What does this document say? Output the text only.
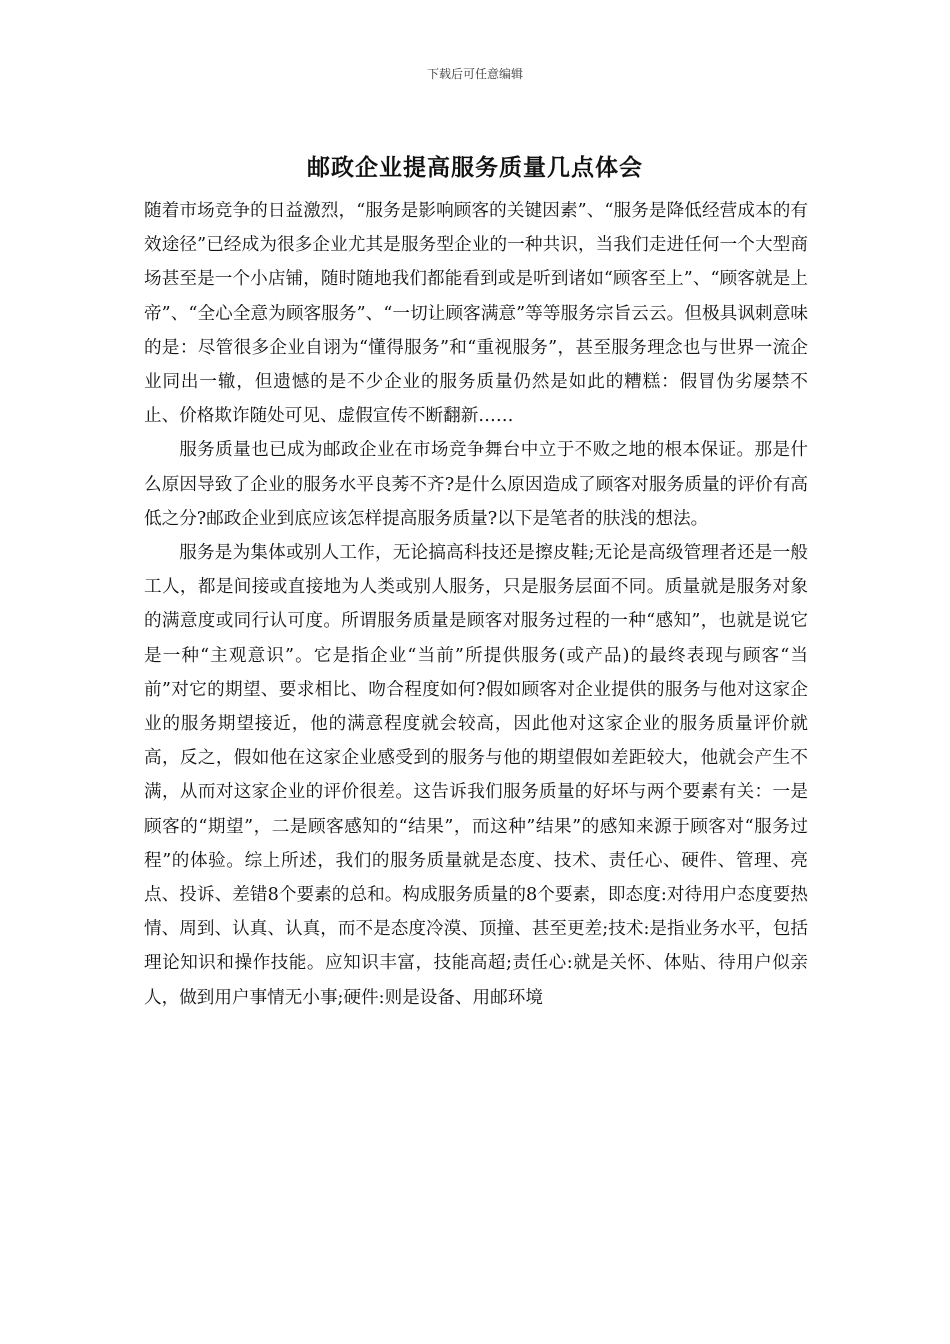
下载后可任意编辑
邮政企业提高服务质量几点体会

随着市场竞争的日益激烈，“服务是影响顾客的关键因素”、“服务是降低经营成本的有效途径”已经成为很多企业尤其是服务型企业的一种共识，当我们走进任何一个大型商场甚至是一个小店铺，随时随地我们都能看到或是听到诸如“顾客至上”、“顾客就是上帝”、“全心全意为顾客服务”、“一切让顾客满意”等等服务宗旨云云。但极具讽刺意味的是：尽管很多企业自诩为“懂得服务”和“重视服务”，甚至服务理念也与世界一流企业同出一辙，但遗憾的是不少企业的服务质量仍然是如此的糟糕：假冒伪劣屡禁不止、价格欺诈随处可见、虚假宣传不断翻新……

服务质量也已成为邮政企业在市场竞争舞台中立于不败之地的根本保证。那是什么原因导致了企业的服务水平良莠不齐?是什么原因造成了顾客对服务质量的评价有高低之分?邮政企业到底应该怎样提高服务质量?以下是笔者的肤浅的想法。

服务是为集体或别人工作，无论搞高科技还是擦皮鞋;无论是高级管理者还是一般工人，都是间接或直接地为人类或别人服务，只是服务层面不同。质量就是服务对象的满意度或同行认可度。所谓服务质量是顾客对服务过程的一种“感知”，也就是说它是一种“主观意识”。它是指企业“当前”所提供服务(或产品)的最终表现与顾客“当前”对它的期望、要求相比、吻合程度如何?假如顾客对企业提供的服务与他对这家企业的服务期望接近，他的满意程度就会较高，因此他对这家企业的服务质量评价就高，反之，假如他在这家企业感受到的服务与他的期望假如差距较大，他就会产生不满，从而对这家企业的评价很差。这告诉我们服务质量的好坏与两个要素有关：一是顾客的“期望”，二是顾客感知的“结果”，而这种”结果”的感知来源于顾客对“服务过程”的体验。综上所述，我们的服务质量就是态度、技术、责任心、硬件、管理、亮点、投诉、差错8个要素的总和。构成服务质量的8个要素，即态度:对待用户态度要热情、周到、认真、认真，而不是态度冷漠、顶撞、甚至更差;技术:是指业务水平，包括理论知识和操作技能。应知识丰富，技能高超;责任心:就是关怀、体贴、待用户似亲人，做到用户事情无小事;硬件:则是设备、用邮环境
